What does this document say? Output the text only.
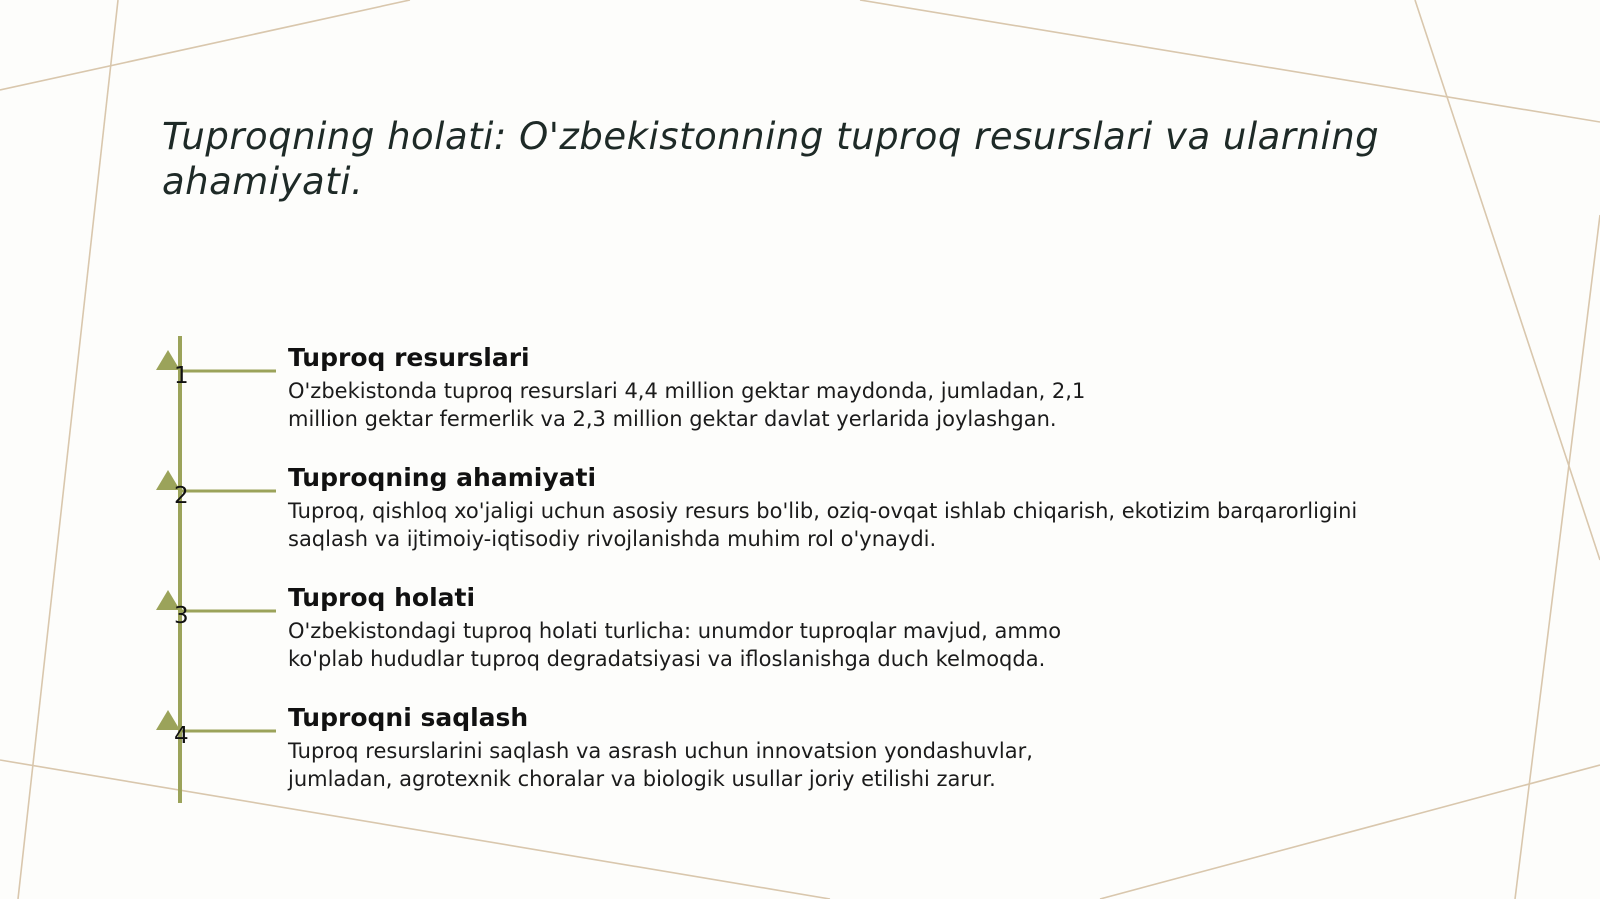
Tuproqning holati: O'zbekistonning tuproq resurslari va ularning ahamiyati.
1
2
3
4

Tuproq resurslari

O'zbekistonda tuproq resurslari 4,4 million gektar maydonda, jumladan, 2,1 million gektar fermerlik va 2,3 million gektar davlat yerlarida joylashgan.

Tuproqning ahamiyati

Tuproq, qishloq xo'jaligi uchun asosiy resurs bo'lib, oziq-ovqat ishlab chiqarish, ekotizim barqarorligini saqlash va ijtimoiy-iqtisodiy rivojlanishda muhim rol o'ynaydi.

Tuproq holati

O'zbekistondagi tuproq holati turlicha: unumdor tuproqlar mavjud, ammo ko'plab hududlar tuproq degradatsiyasi va ifloslanishga duch kelmoqda.

Tuproqni saqlash

Tuproq resurslarini saqlash va asrash uchun innovatsion yondashuvlar, jumladan, agrotexnik choralar va biologik usullar joriy etilishi zarur.
